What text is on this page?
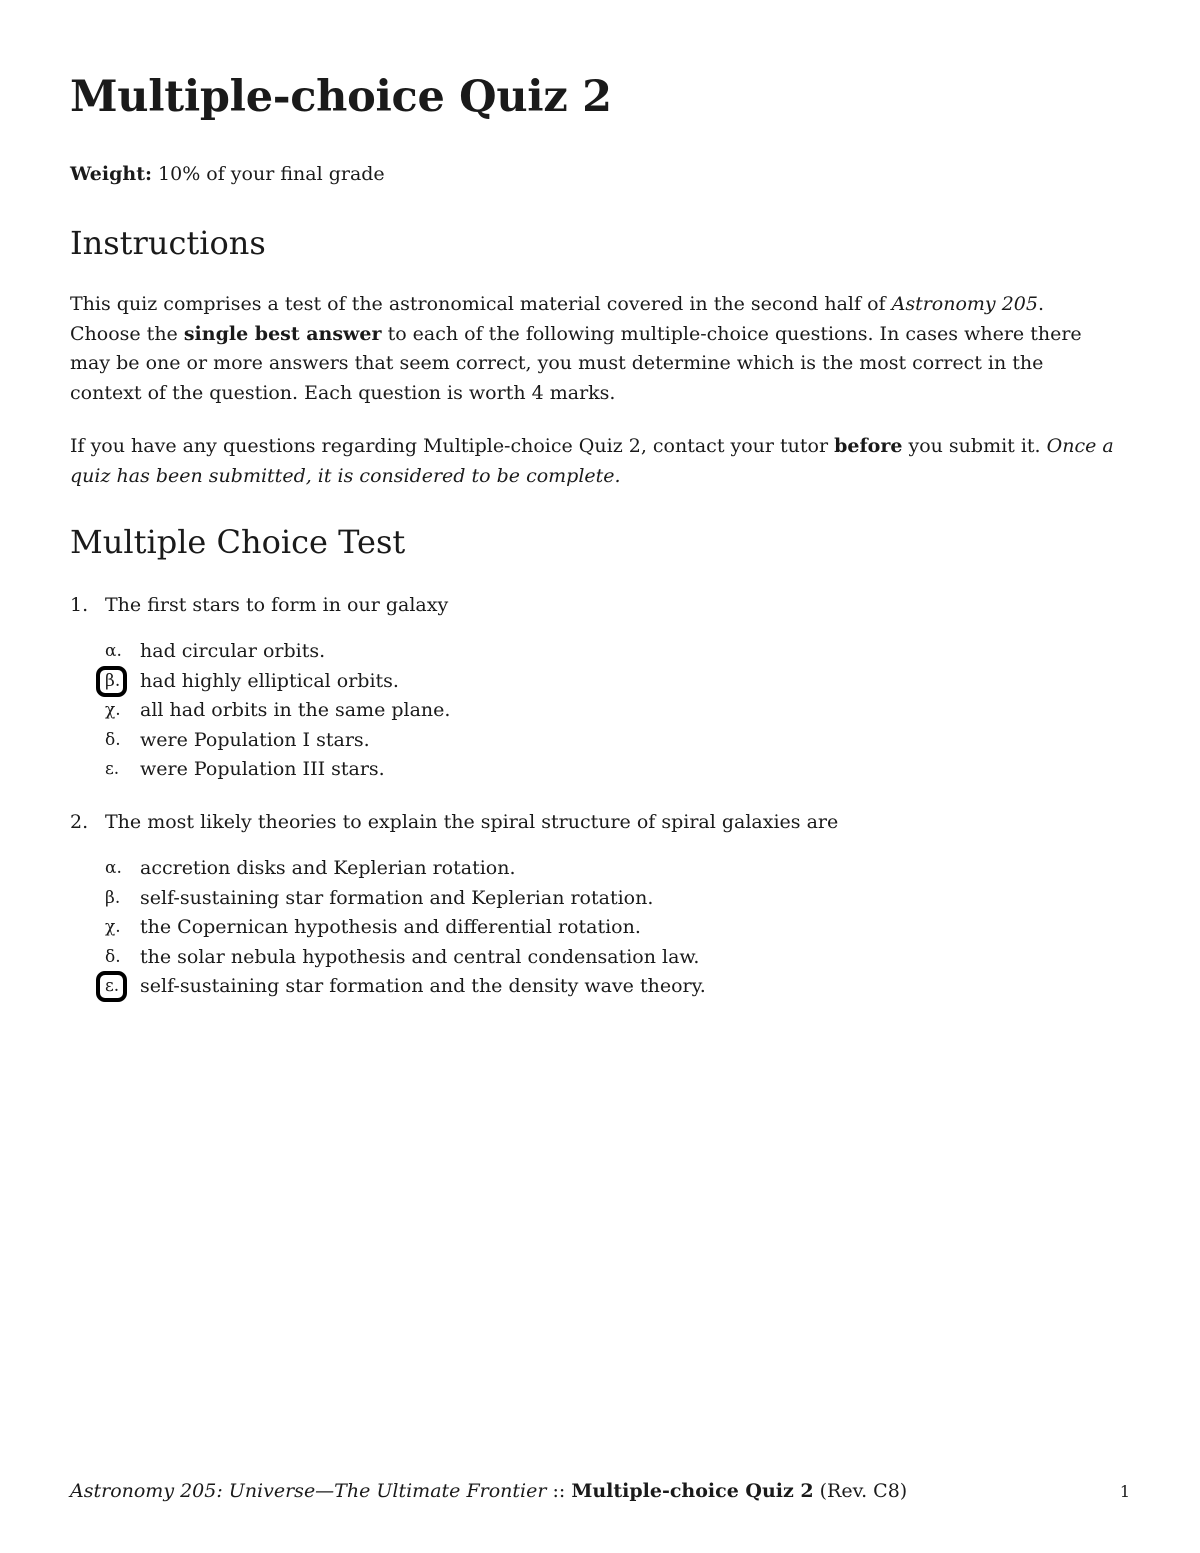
Multiple-choice Quiz 2
Weight: 10% of your final grade
Instructions

This quiz comprises a test of the astronomical material covered in the second half of Astronomy 205. Choose the single best answer to each of the following multiple-choice questions. In cases where there may be one or more answers that seem correct, you must determine which is the most correct in the context of the question. Each question is worth 4 marks.

If you have any questions regarding Multiple-choice Quiz 2, contact your tutor before you submit it. Once a quiz has been submitted, it is considered to be complete.

Multiple Choice Test
1. The first stars to form in our galaxy
α. had circular orbits.
β.	had highly elliptical orbits.
χ.	all had orbits in the same plane.
δ.	were Population I stars.
ε.	were Population III stars.
2. The most likely theories to explain the spiral structure of spiral galaxies are
α. accretion disks and Keplerian rotation.
β.	self-sustaining star formation and Keplerian rotation.
χ.	the Copernican hypothesis and differential rotation.
δ.	the solar nebula hypothesis and central condensation law.
ε.	self-sustaining star formation and the density wave theory.
Astronomy 205: Universe—The Ultimate Frontier :: Multiple-choice Quiz 2 (Rev. C8)	1
